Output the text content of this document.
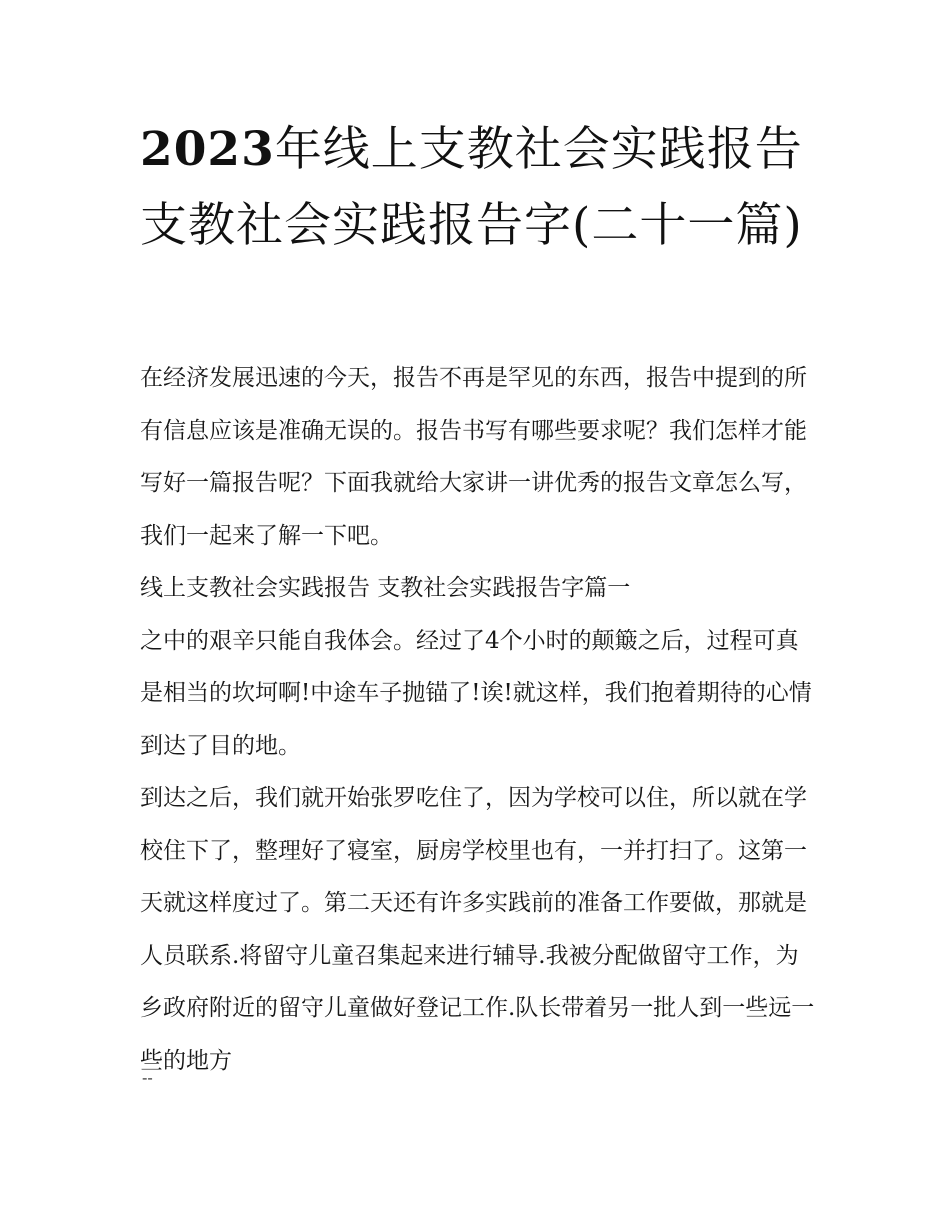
2023年线上支教社会实践报告支教社会实践报告字(二十一篇)

在经济发展迅速的今天，报告不再是罕见的东西，报告中提到的所有信息应该是准确无误的。报告书写有哪些要求呢？我们怎样才能写好一篇报告呢？下面我就给大家讲一讲优秀的报告文章怎么写，我们一起来了解一下吧。

线上支教社会实践报告 支教社会实践报告字篇一

之中的艰辛只能自我体会。经过了4个小时的颠簸之后，过程可真是相当的坎坷啊!中途车子抛锚了!诶!就这样，我们抱着期待的心情到达了目的地。

到达之后，我们就开始张罗吃住了，因为学校可以住，所以就在学校住下了，整理好了寝室，厨房学校里也有，一并打扫了。这第一天就这样度过了。第二天还有许多实践前的准备工作要做，那就是人员联系.将留守儿童召集起来进行辅导.我被分配做留守工作，为乡政府附近的留守儿童做好登记工作.队长带着另一批人到一些远一些的地方

--
